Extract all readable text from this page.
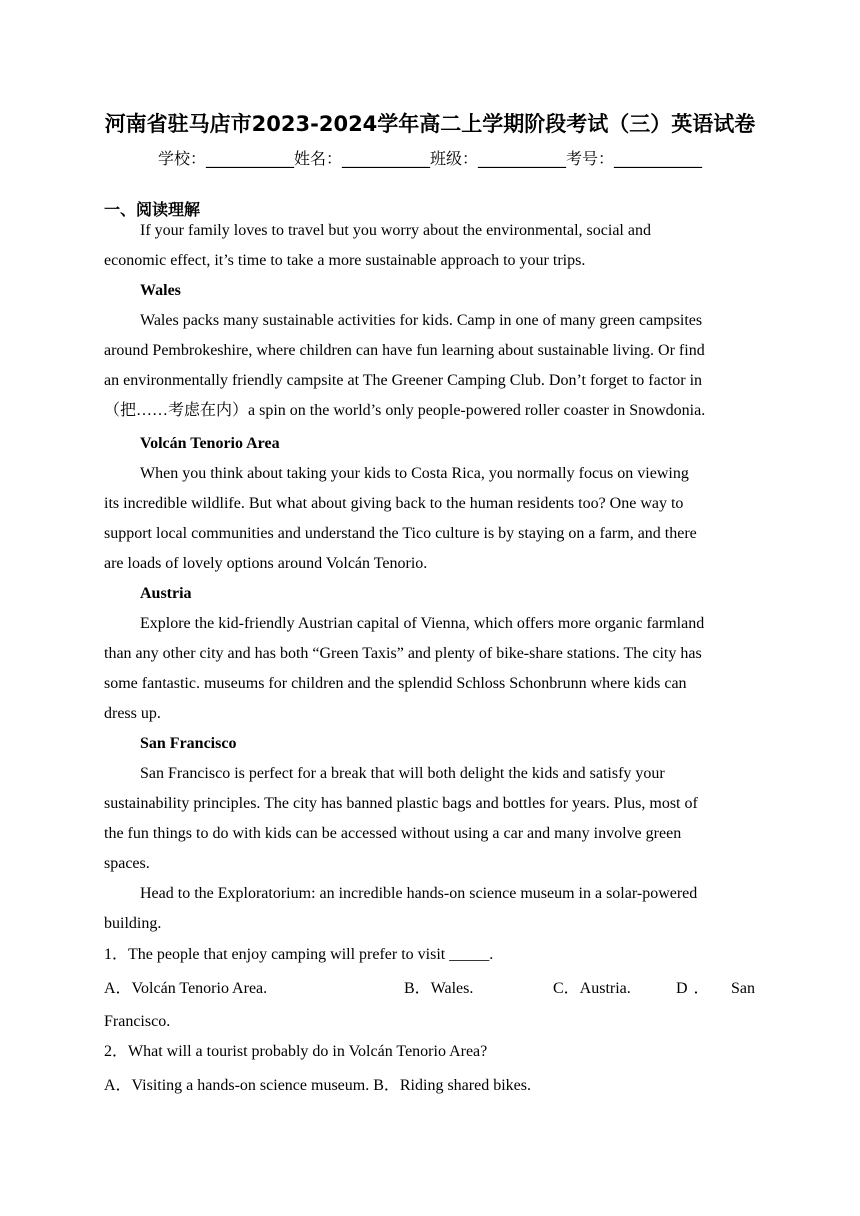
河南省驻马店市2023-2024学年高二上学期阶段考试（三）英语试卷
学校：___________姓名：___________班级：___________考号：___________
一、阅读理解
If your family loves to travel but you worry about the environmental, social and
economic effect, it’s time to take a more sustainable approach to your trips.
Wales
Wales packs many sustainable activities for kids. Camp in one of many green campsites
around Pembrokeshire, where children can have fun learning about sustainable living. Or find
an environmentally friendly campsite at The Greener Camping Club. Don’t forget to factor in
（把……考虑在内）a spin on the world’s only people-powered roller coaster in Snowdonia.
Volcán Tenorio Area
When you think about taking your kids to Costa Rica, you normally focus on viewing
its incredible wildlife. But what about giving back to the human residents too? One way to
support local communities and understand the Tico culture is by staying on a farm, and there
are loads of lovely options around Volcán Tenorio.
Austria
Explore the kid-friendly Austrian capital of Vienna, which offers more organic farmland
than any other city and has both “Green Taxis” and plenty of bike-share stations. The city has
some fantastic. museums for children and the splendid Schloss Schonbrunn where kids can
dress up.
San Francisco
San Francisco is perfect for a break that will both delight the kids and satisfy your
sustainability principles. The city has banned plastic bags and bottles for years. Plus, most of
the fun things to do with kids can be accessed without using a car and many involve green
spaces.
Head to the Exploratorium: an incredible hands-on science museum in a solar-powered
building.
1．The people that enjoy camping will prefer to visit _____.
A．Volcán Tenorio Area.	B．Wales.	C．Austria.	D． San
Francisco.
2．What will a tourist probably do in Volcán Tenorio Area?
A．Visiting a hands-on science museum. B．Riding shared bikes.
